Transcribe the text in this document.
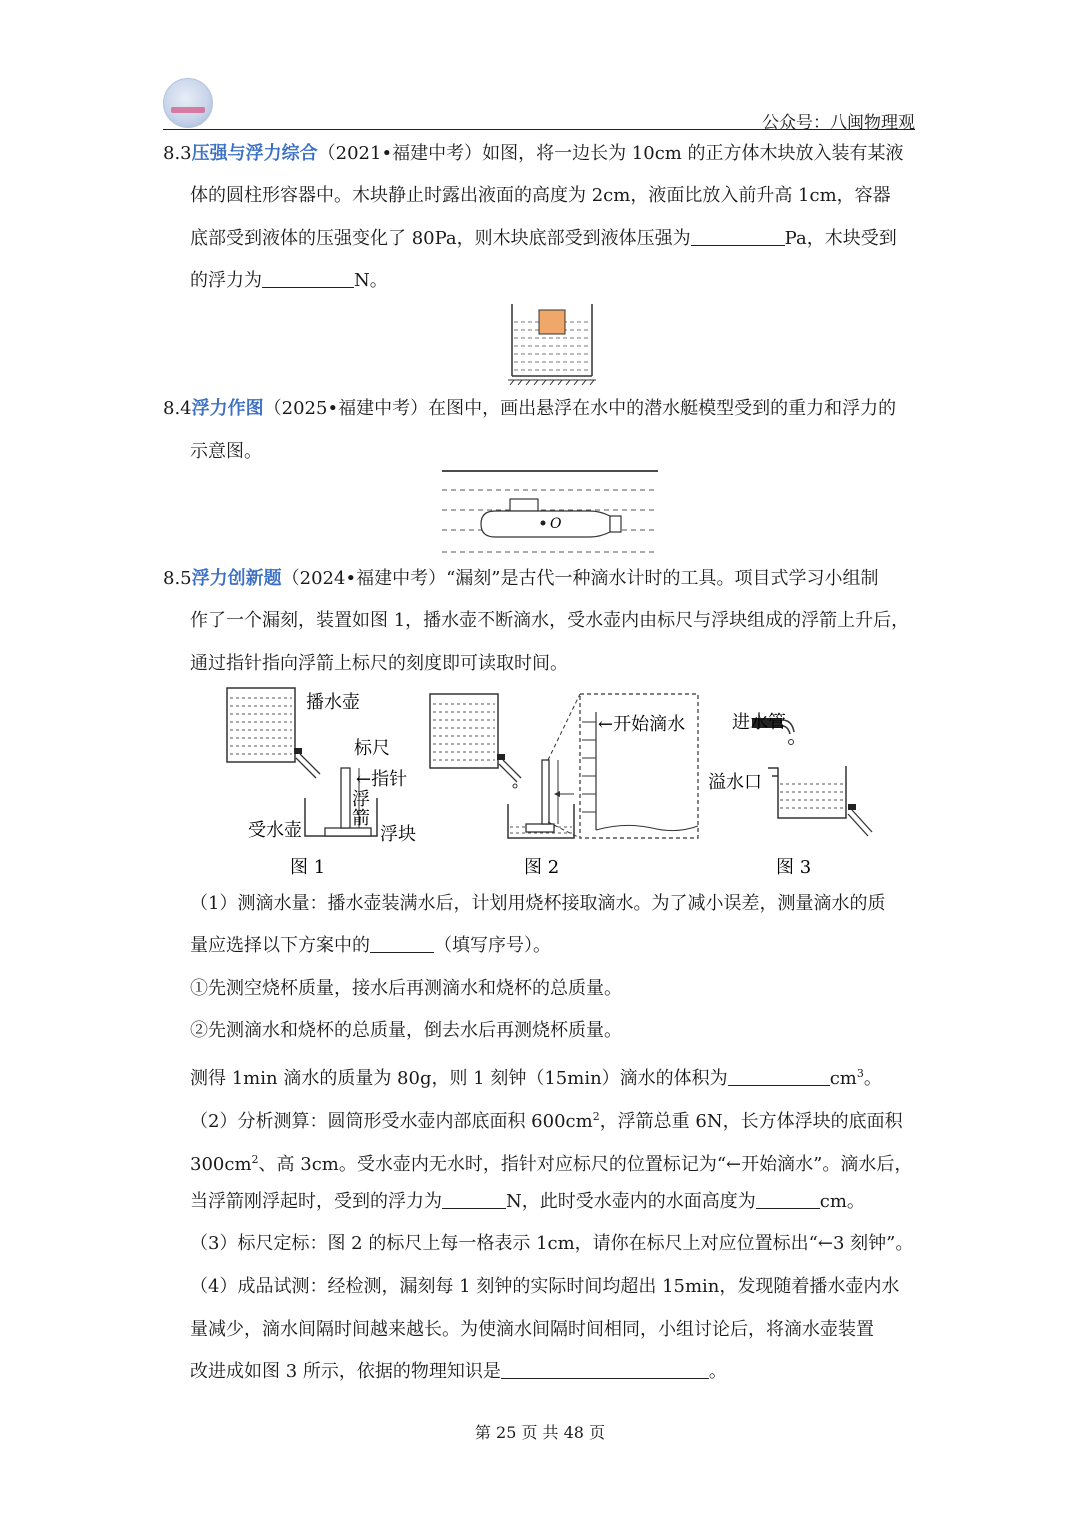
公众号：八闽物理观
8.3压强与浮力综合（2021•福建中考）如图，将一边长为 10cm 的正方体木块放入装有某液
体的圆柱形容器中。木块静止时露出液面的高度为 2cm，液面比放入前升高 1cm，容器
底部受到液体的压强变化了 80Pa，则木块底部受到液体压强为	Pa，木块受到
的浮力为	N。
8.4浮力作图（2025•福建中考）在图中，画出悬浮在水中的潜水艇模型受到的重力和浮力的
示意图。
O
8.5浮力创新题（2024•福建中考）“漏刻”是古代一种滴水计时的工具。项目式学习小组制
作了一个漏刻，装置如图 1，播水壶不断滴水，受水壶内由标尺与浮块组成的浮箭上升后，
通过指针指向浮箭上标尺的刻度即可读取时间。
播水壶
标尺
←指针
浮
箭
受水壶	浮块
图 1
←开始滴水
图 2
进水管
溢水口
图 3
（1）测滴水量：播水壶装满水后，计划用烧杯接取滴水。为了减小误差，测量滴水的质
量应选择以下方案中的	（填写序号）。
①先测空烧杯质量，接水后再测滴水和烧杯的总质量。
②先测滴水和烧杯的总质量，倒去水后再测烧杯质量。
测得 1min 滴水的质量为 80g，则 1 刻钟（15min）滴水的体积为	$cm^3$。
（2）分析测算：圆筒形受水壶内部底面积 $600cm^2$，浮箭总重 6N，长方体浮块的底面积
$300cm^2$、高 3cm。受水壶内无水时，指针对应标尺的位置标记为“←开始滴水”。滴水后，
当浮箭刚浮起时，受到的浮力为	N，此时受水壶内的水面高度为	cm。
（3）标尺定标：图 2 的标尺上每一格表示 1cm，请你在标尺上对应位置标出“←3 刻钟”。
（4）成品试测：经检测，漏刻每 1 刻钟的实际时间均超出 15min，发现随着播水壶内水
量减少，滴水间隔时间越来越长。为使滴水间隔时间相同，小组讨论后，将滴水壶装置
改进成如图 3 所示，依据的物理知识是	。
第 25 页 共 48 页
